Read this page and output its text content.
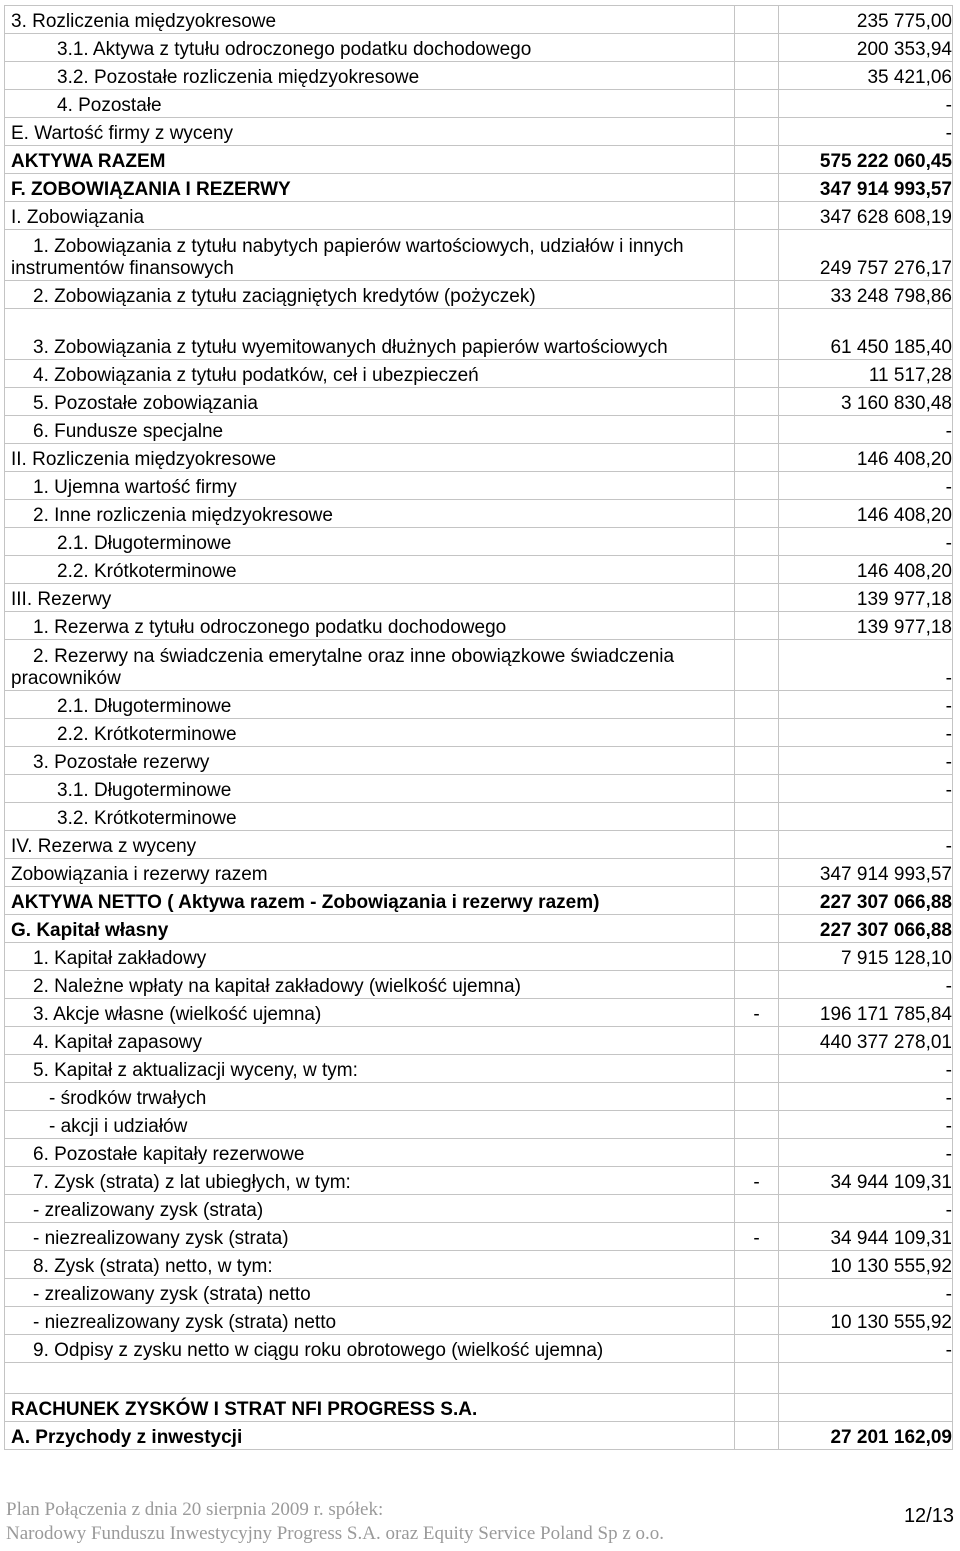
3. Rozliczenia międzyokresowe		235 775,00
3.1. Aktywa z tytułu odroczonego podatku dochodowego		200 353,94
3.2. Pozostałe rozliczenia międzyokresowe		35 421,06
4. Pozostałe		-
E. Wartość firmy z wyceny		-
AKTYWA RAZEM		575 222 060,45
F. ZOBOWIĄZANIA I REZERWY		347 914 993,57
I. Zobowiązania		347 628 608,19
1. Zobowiązania z tytułu nabytych papierów wartościowych, udziałów i innych instrumentów finansowych		249 757 276,17
2. Zobowiązania z tytułu zaciągniętych kredytów (pożyczek)		33 248 798,86
3. Zobowiązania z tytułu wyemitowanych dłużnych papierów wartościowych		61 450 185,40
4. Zobowiązania z tytułu podatków, ceł i ubezpieczeń		11 517,28
5. Pozostałe zobowiązania		3 160 830,48
6. Fundusze specjalne		-
II. Rozliczenia międzyokresowe		146 408,20
1. Ujemna wartość firmy		-
2. Inne rozliczenia międzyokresowe		146 408,20
2.1. Długoterminowe		-
2.2. Krótkoterminowe		146 408,20
III. Rezerwy		139 977,18
1. Rezerwa z tytułu odroczonego podatku dochodowego		139 977,18
2. Rezerwy na świadczenia emerytalne oraz inne obowiązkowe świadczenia pracowników		-
2.1. Długoterminowe		-
2.2. Krótkoterminowe		-
3. Pozostałe rezerwy		-
3.1. Długoterminowe		-
3.2. Krótkoterminowe		
IV. Rezerwa z wyceny		-
Zobowiązania i rezerwy razem		347 914 993,57
AKTYWA NETTO ( Aktywa razem - Zobowiązania i rezerwy razem)		227 307 066,88
G. Kapitał własny		227 307 066,88
1. Kapitał zakładowy		7 915 128,10
2. Należne wpłaty na kapitał zakładowy (wielkość ujemna)		-
3. Akcje własne (wielkość ujemna)	-	196 171 785,84
4. Kapitał zapasowy		440 377 278,01
5. Kapitał z aktualizacji wyceny, w tym:		-
- środków trwałych		-
- akcji i udziałów		-
6. Pozostałe kapitały rezerwowe		-
7. Zysk (strata) z lat ubiegłych, w tym:	-	34 944 109,31
- zrealizowany zysk (strata)		-
- niezrealizowany zysk (strata)	-	34 944 109,31
8. Zysk (strata) netto, w tym:		10 130 555,92
- zrealizowany zysk (strata) netto		-
- niezrealizowany zysk (strata) netto		10 130 555,92
9. Odpisy z zysku netto w ciągu roku obrotowego (wielkość ujemna)		-

RACHUNEK ZYSKÓW I STRAT NFI PROGRESS S.A.		
A. Przychody z inwestycji		27 201 162,09
Plan Połączenia z dnia 20 sierpnia 2009 r. spółek:
Narodowy Funduszu Inwestycyjny Progress S.A. oraz Equity Service Poland Sp z o.o.
12/13
